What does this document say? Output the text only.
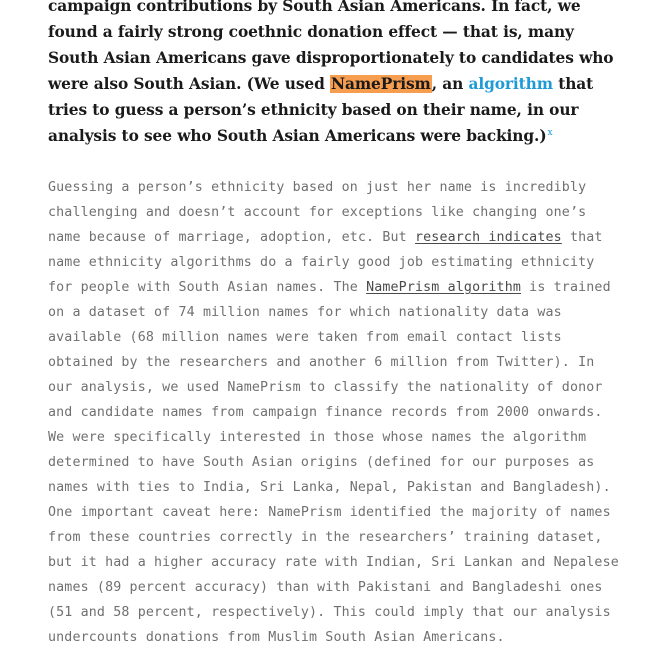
campaign contributions by South Asian Americans. In fact, we found a fairly strong coethnic donation effect — that is, many South Asian Americans gave disproportionately to candidates who were also South Asian. (We used NamePrism, an algorithm that tries to guess a person’s ethnicity based on their name, in our analysis to see who South Asian Americans were backing.)$^x$

Guessing a person’s ethnicity based on just her name is incredibly challenging and doesn’t account for exceptions like changing one’s name because of marriage, adoption, etc. But research indicates that name ethnicity algorithms do a fairly good job estimating ethnicity for people with South Asian names. The NamePrism algorithm is trained on a dataset of 74 million names for which nationality data was available (68 million names were taken from email contact lists obtained by the researchers and another 6 million from Twitter). In our analysis, we used NamePrism to classify the nationality of donor and candidate names from campaign finance records from 2000 onwards. We were specifically interested in those whose names the algorithm determined to have South Asian origins (defined for our purposes as names with ties to India, Sri Lanka, Nepal, Pakistan and Bangladesh). One important caveat here: NamePrism identified the majority of names from these countries correctly in the researchers’ training dataset, but it had a higher accuracy rate with Indian, Sri Lankan and Nepalese names (89 percent accuracy) than with Pakistani and Bangladeshi ones (51 and 58 percent, respectively). This could imply that our analysis undercounts donations from Muslim South Asian Americans.
